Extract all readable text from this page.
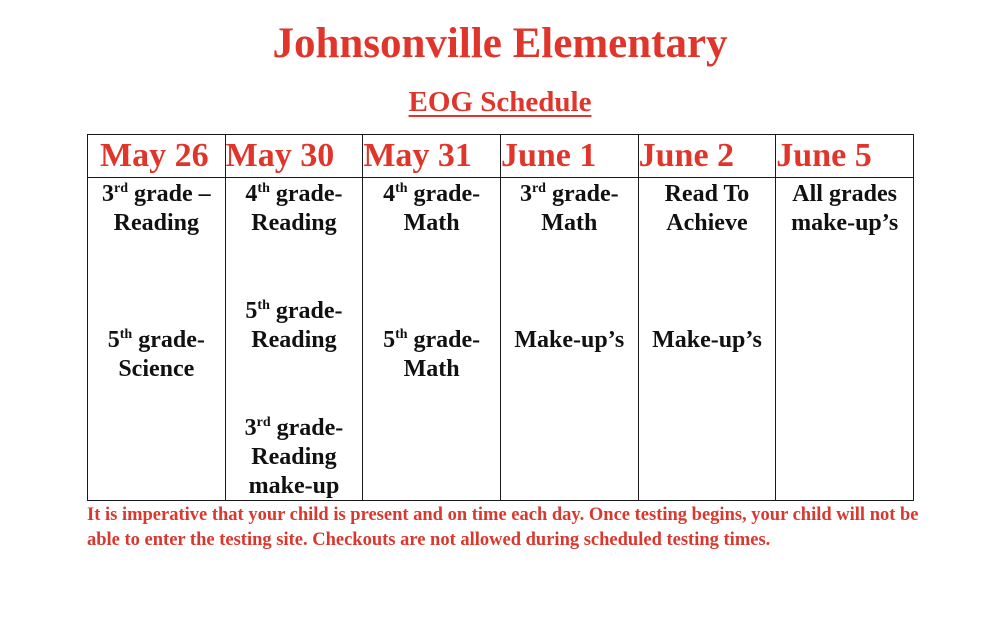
Johnsonville Elementary
EOG Schedule
May 26	May 30	May 31	June 1	June 2	June 5

3rd grade –
Reading
5th grade-
Science

4th grade-
Reading
5th grade-
Reading
3rd grade-
Reading
make-up

4th grade-
Math
5th grade-
Math

3rd grade-
Math
Make-up’s

Read To
Achieve
Make-up’s

All grades
make-up’s
It is imperative that your child is present and on time each day. Once testing begins, your child will not be able to enter the testing site. Checkouts are not allowed during scheduled testing times.
